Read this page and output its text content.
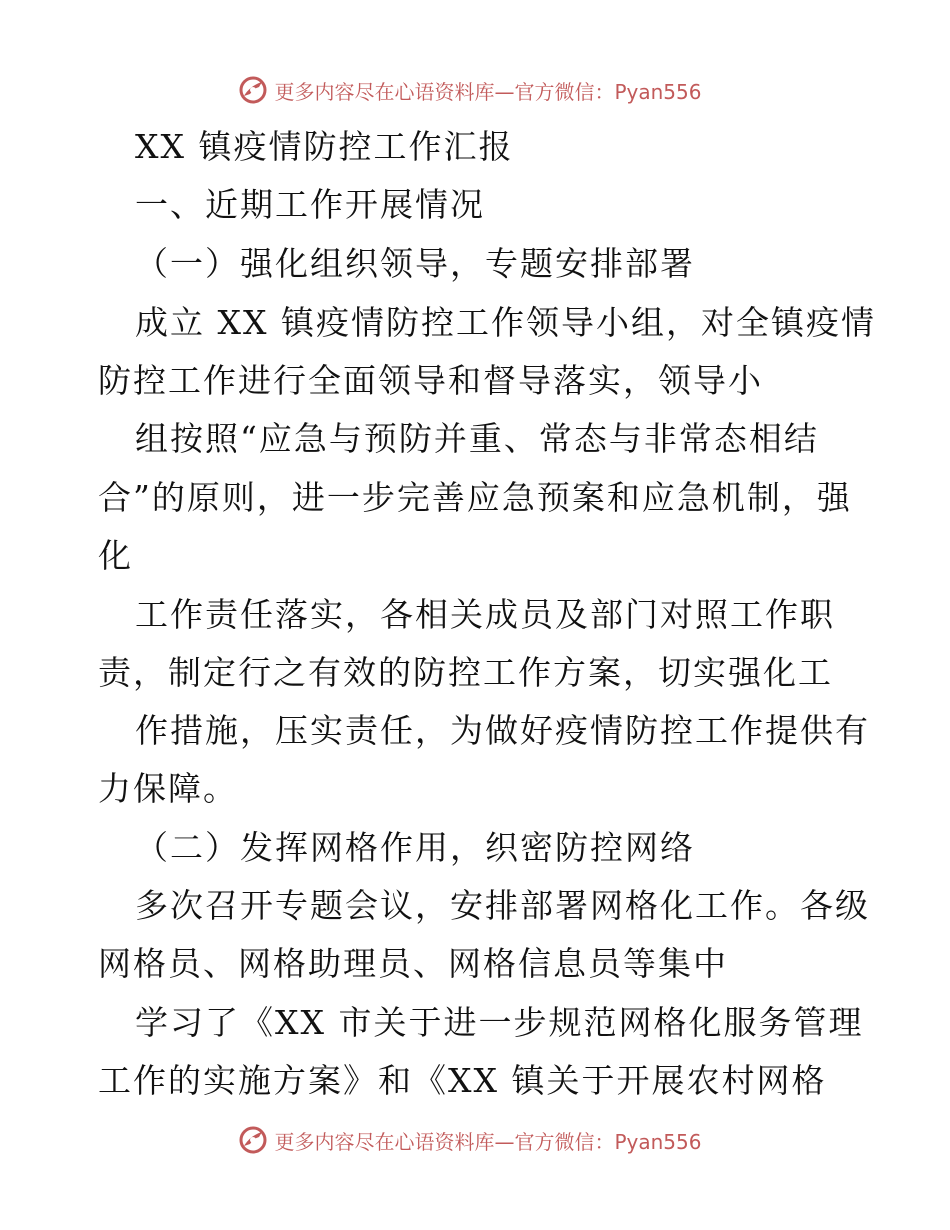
更多内容尽在心语资料库—官方微信：Pyan556
XX 镇疫情防控工作汇报
一、近期工作开展情况
（一）强化组织领导，专题安排部署
成立 XX 镇疫情防控工作领导小组，对全镇疫情
防控工作进行全面领导和督导落实，领导小
组按照“应急与预防并重、常态与非常态相结
合”的原则，进一步完善应急预案和应急机制，强
化
工作责任落实，各相关成员及部门对照工作职
责，制定行之有效的防控工作方案，切实强化工
作措施，压实责任，为做好疫情防控工作提供有
力保障。
（二）发挥网格作用，织密防控网络
多次召开专题会议，安排部署网格化工作。各级
网格员、网格助理员、网格信息员等集中
学习了《XX 市关于进一步规范网格化服务管理
工作的实施方案》和《XX 镇关于开展农村网格
更多内容尽在心语资料库—官方微信：Pyan556
